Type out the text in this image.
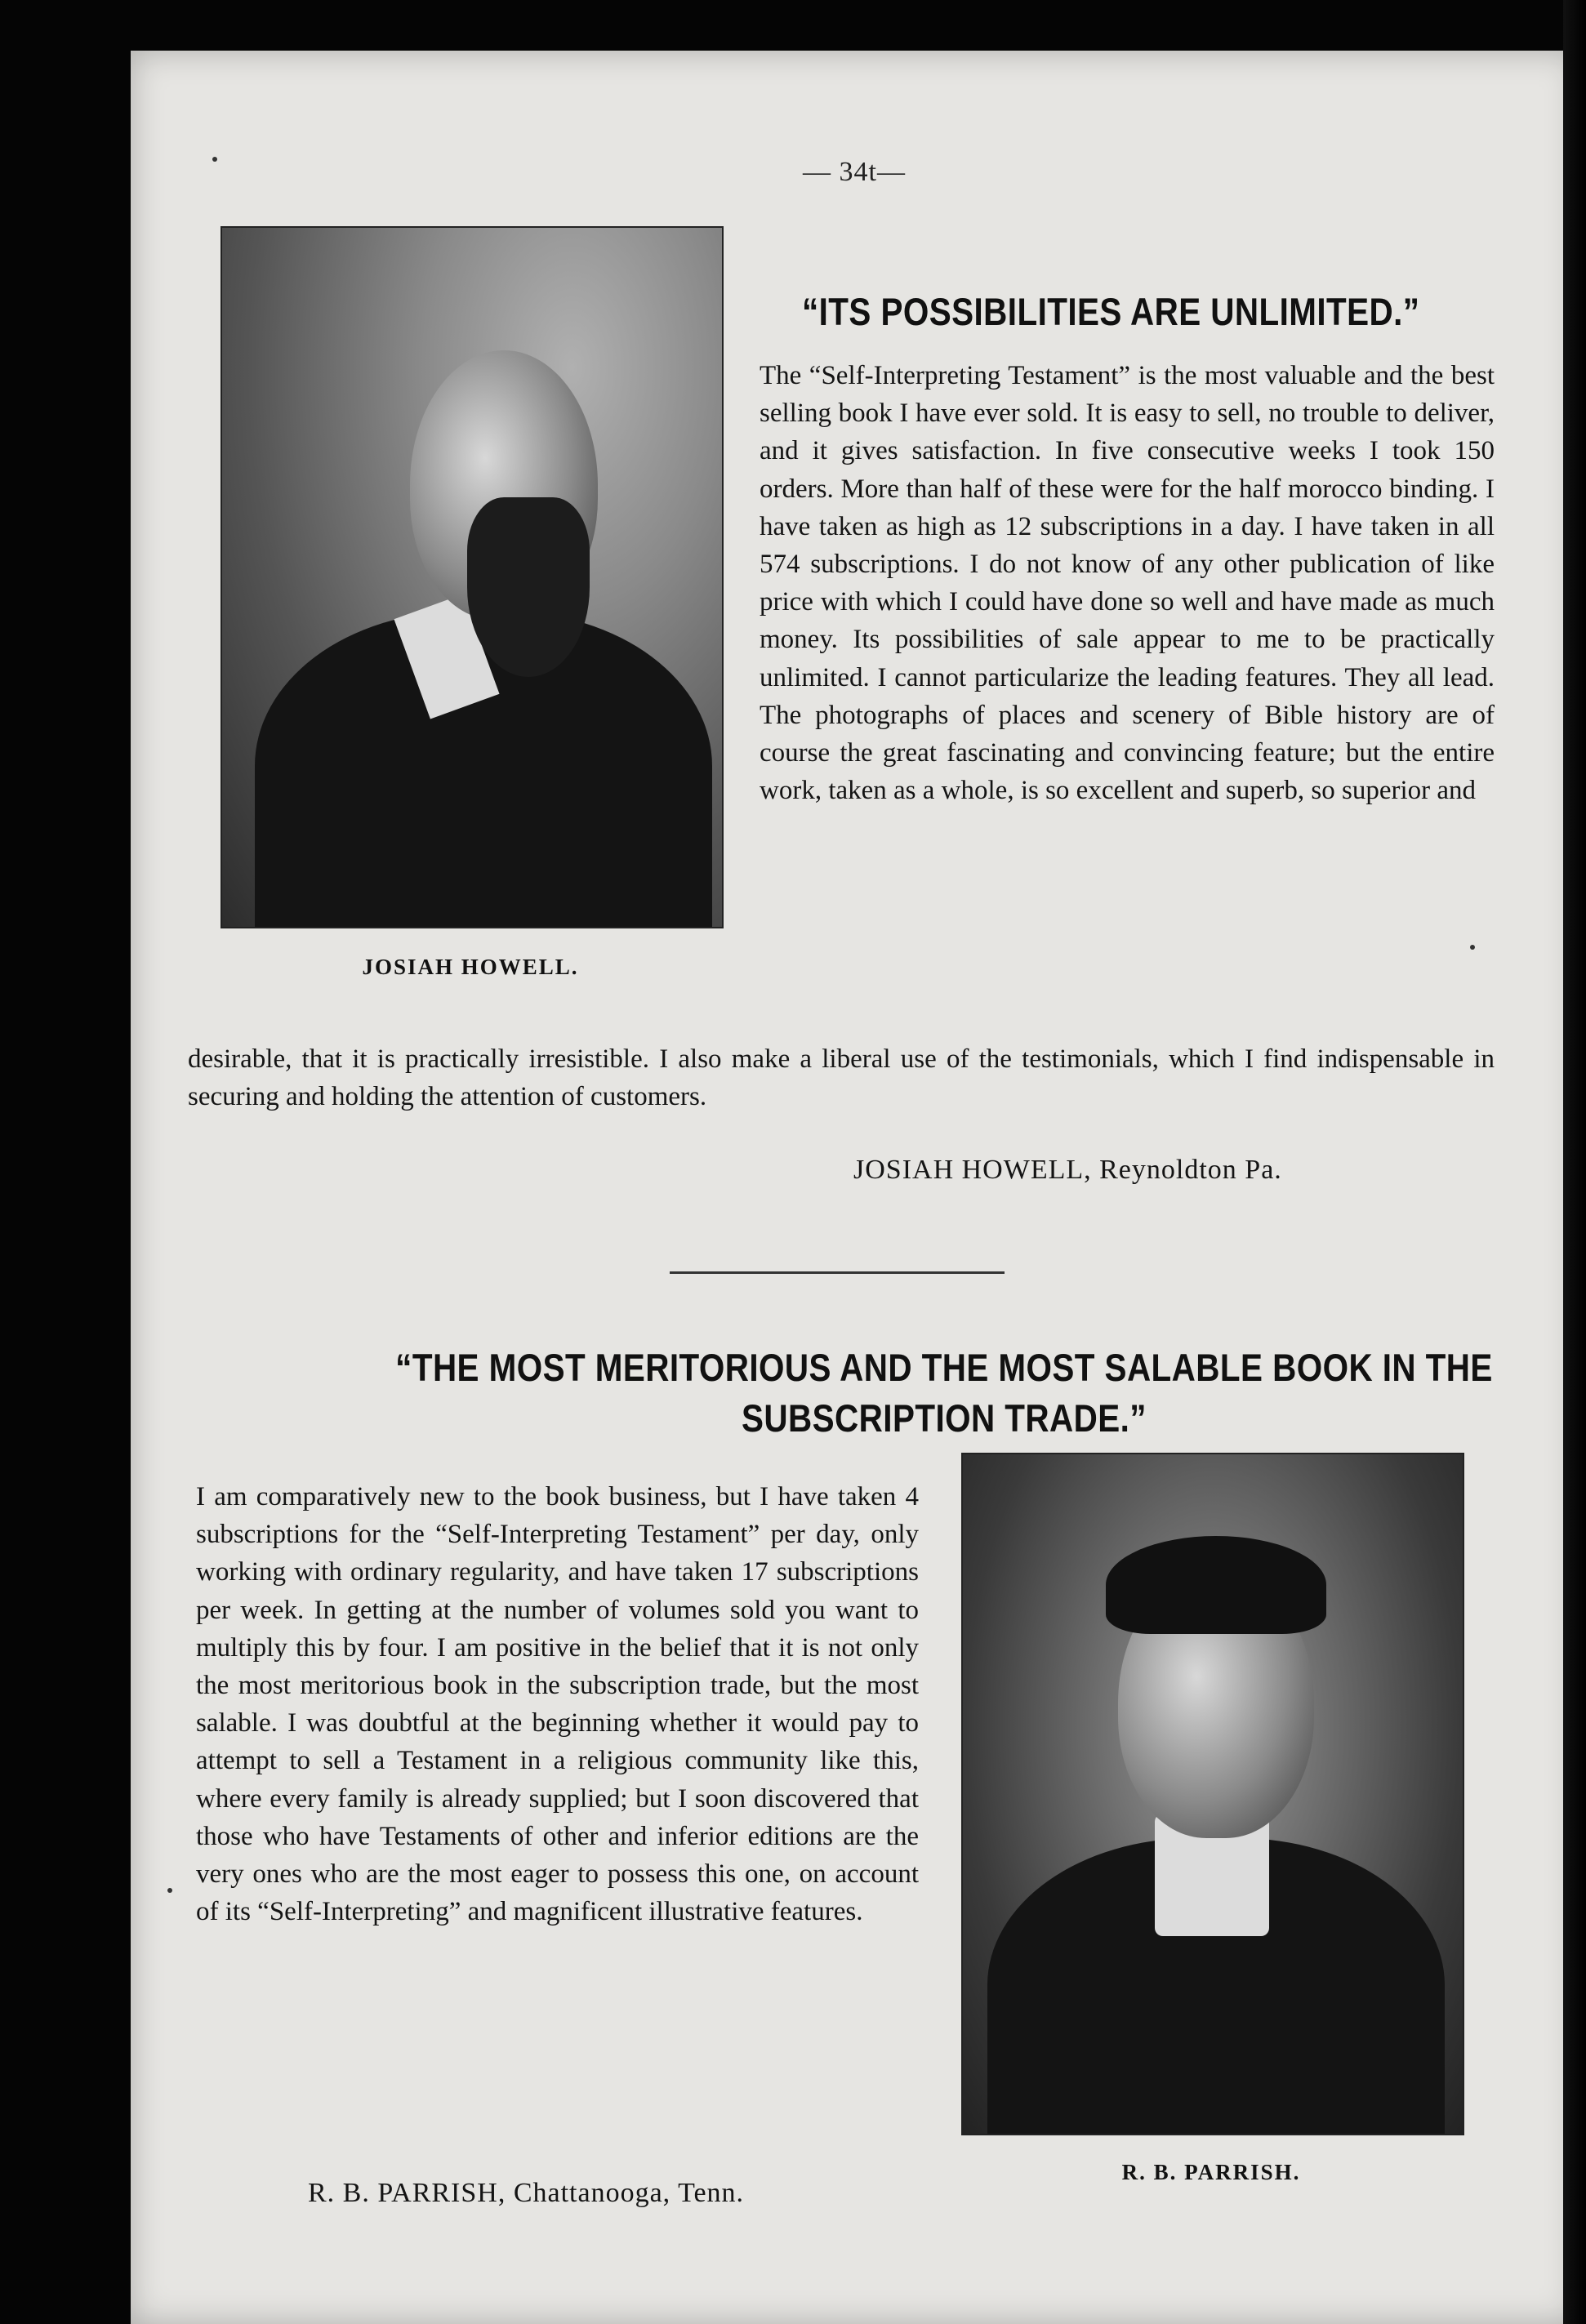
— 34t—
“ITS POSSIBILITIES ARE UNLIMITED.”
JOSIAH HOWELL.
The “Self-Interpreting Testament” is the most valuable and the best selling book I have ever sold. It is easy to sell, no trouble to deliver, and it gives satisfaction. In five consecutive weeks I took 150 orders. More than half of these were for the half morocco binding. I have taken as high as 12 subscriptions in a day. I have taken in all 574 subscriptions. I do not know of any other publication of like price with which I could have done so well and have made as much money. Its possibilities of sale appear to me to be practically unlimited. I cannot particularize the leading features. They all lead. The photographs of places and scenery of Bible history are of course the great fascinating and convincing feature; but the entire work, taken as a whole, is so excellent and superb, so superior and
desirable, that it is practically irresistible. I also make a liberal use of the testimonials, which I find indispensable in securing and holding the attention of customers.
JOSIAH HOWELL, Reynoldton Pa.
“THE MOST MERITORIOUS AND THE MOST SALABLE BOOK IN THE
SUBSCRIPTION TRADE.”
I am comparatively new to the book business, but I have taken 4 subscriptions for the “Self-Interpreting Testament” per day, only working with ordinary regularity, and have taken 17 subscriptions per week. In getting at the number of volumes sold you want to multiply this by four. I am positive in the belief that it is not only the most meritorious book in the subscription trade, but the most salable. I was doubtful at the beginning whether it would pay to attempt to sell a Testament in a religious community like this, where every family is already supplied; but I soon discovered that those who have Testaments of other and inferior editions are the very ones who are the most eager to possess this one, on account of its “Self-Interpreting” and magnificent illustrative features.
R. B. PARRISH, Chattanooga, Tenn.
R. B. PARRISH.
